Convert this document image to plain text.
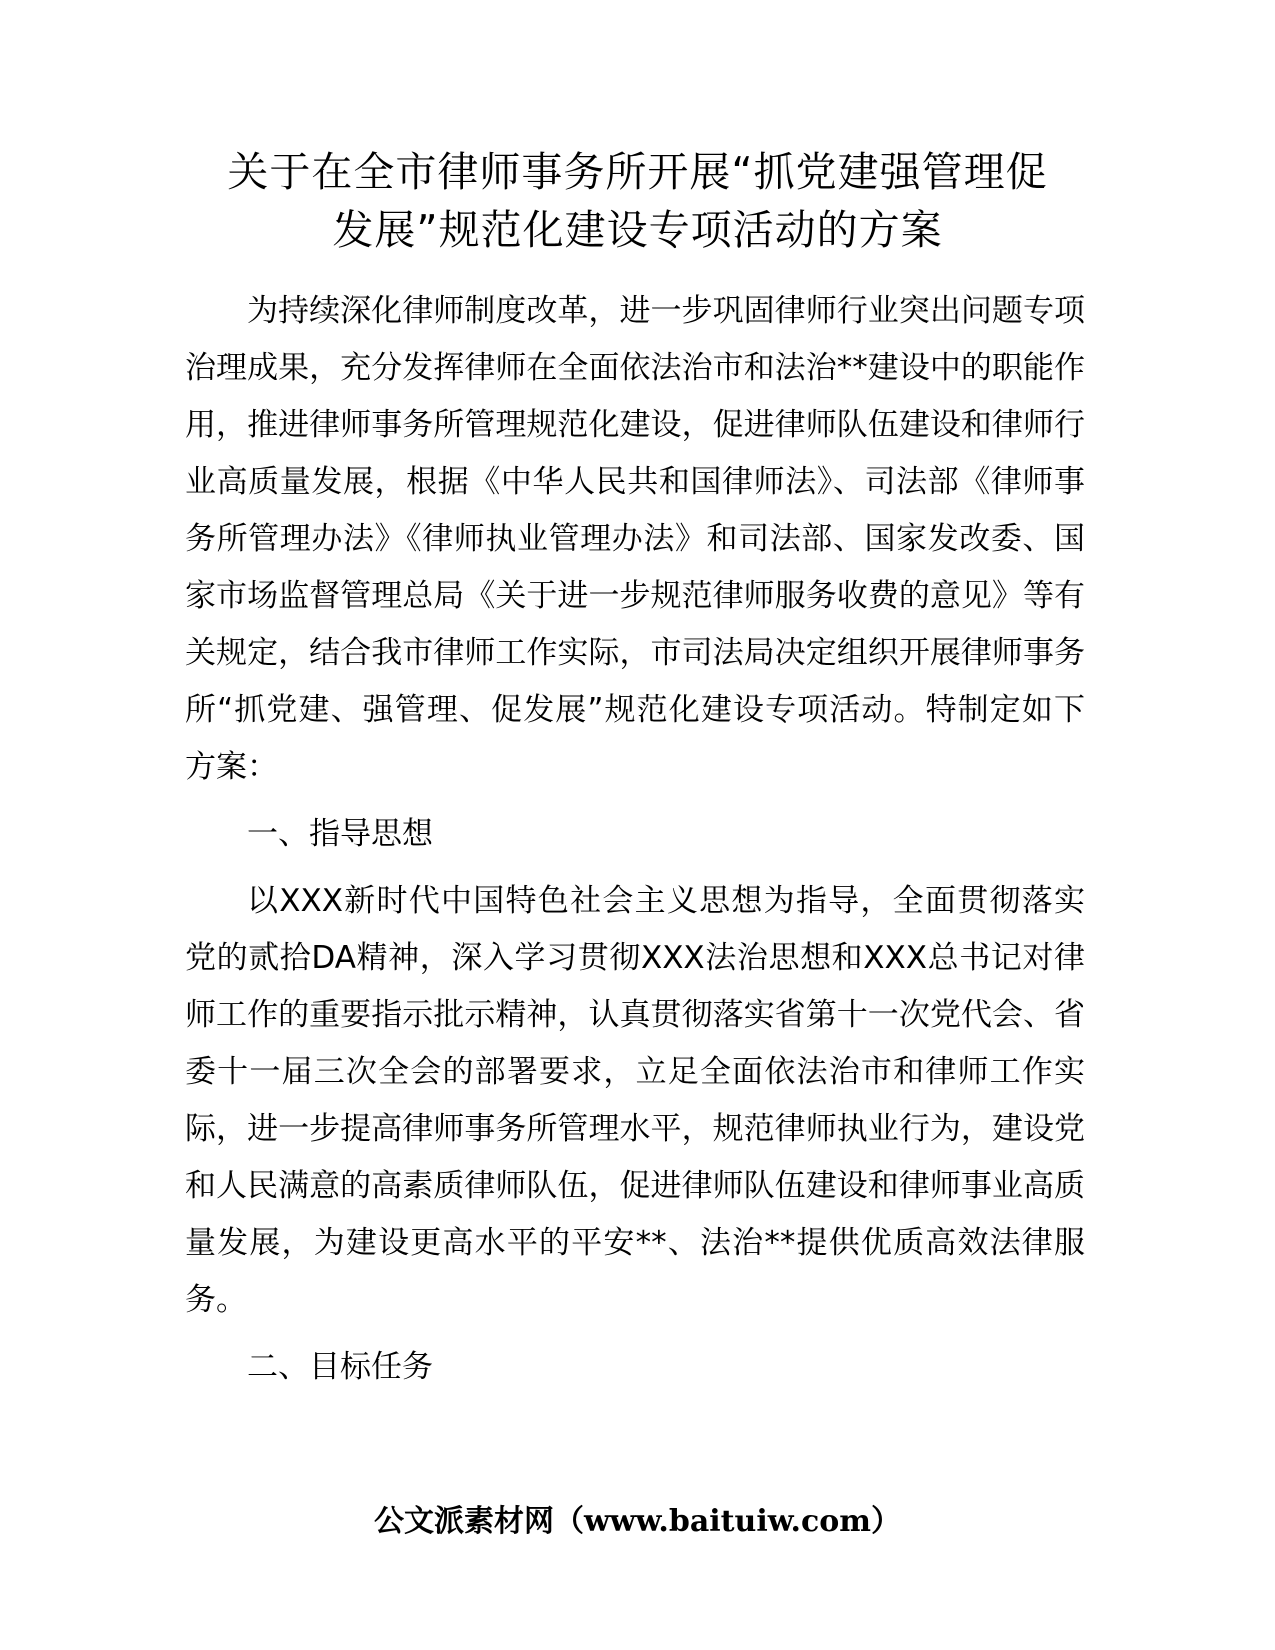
关于在全市律师事务所开展“抓党建强管理促
发展”规范化建设专项活动的方案

为持续深化律师制度改革，进一步巩固律师行业突出问题专项治理成果，充分发挥律师在全面依法治市和法治**建设中的职能作用，推进律师事务所管理规范化建设，促进律师队伍建设和律师行业高质量发展，根据《中华人民共和国律师法》、司法部《律师事务所管理办法》《律师执业管理办法》和司法部、国家发改委、国家市场监督管理总局《关于进一步规范律师服务收费的意见》等有关规定，结合我市律师工作实际，市司法局决定组织开展律师事务所“抓党建、强管理、促发展”规范化建设专项活动。特制定如下方案：

一、指导思想

以XXX新时代中国特色社会主义思想为指导，全面贯彻落实党的贰拾DA精神，深入学习贯彻XXX法治思想和XXX总书记对律师工作的重要指示批示精神，认真贯彻落实省第十一次党代会、省委十一届三次全会的部署要求，立足全面依法治市和律师工作实际，进一步提高律师事务所管理水平，规范律师执业行为，建设党和人民满意的高素质律师队伍，促进律师队伍建设和律师事业高质量发展，为建设更高水平的平安**、法治**提供优质高效法律服务。

二、目标任务

公文派素材网（www.baituiw.com）
